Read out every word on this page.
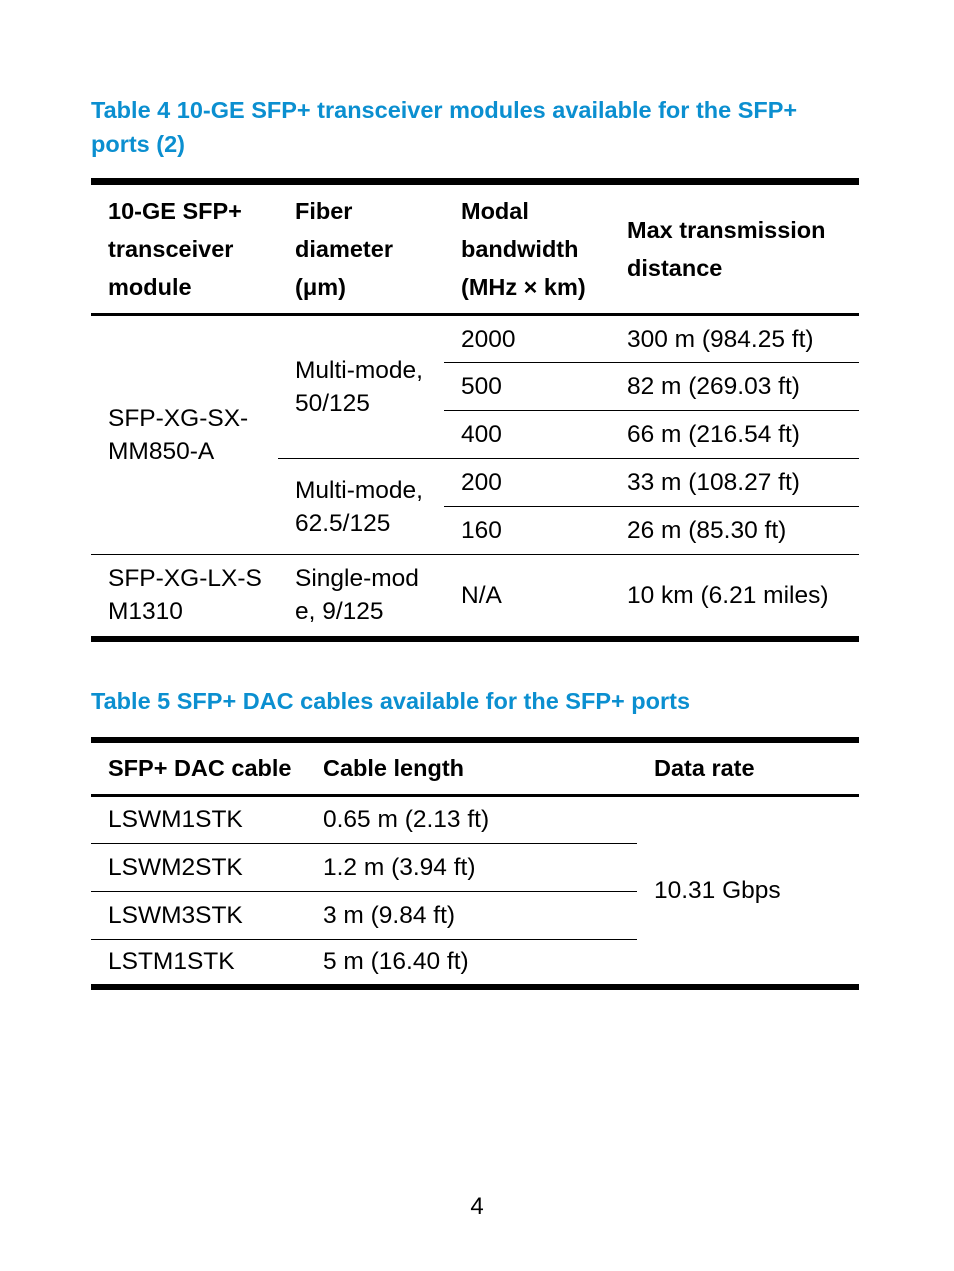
Table 4 10-GE SFP+ transceiver modules available for the SFP+ ports (2)
10-GE SFP+ transceiver module	Fiber diameter (μm)	Modal bandwidth (MHz × km)	Max transmission distance
SFP-XG-SX-MM850-A	Multi-mode, 50/125	2000	300 m (984.25 ft)
		500	82 m (269.03 ft)
		400	66 m (216.54 ft)
	Multi-mode, 62.5/125	200	33 m (108.27 ft)
		160	26 m (85.30 ft)
SFP-XG-LX-SM1310	Single-mode, 9/125	N/A	10 km (6.21 miles)
Table 5 SFP+ DAC cables available for the SFP+ ports
SFP+ DAC cable	Cable length	Data rate
LSWM1STK	0.65 m (2.13 ft)	10.31 Gbps
LSWM2STK	1.2 m (3.94 ft)	
LSWM3STK	3 m (9.84 ft)	
LSTM1STK	5 m (16.40 ft)	
4
